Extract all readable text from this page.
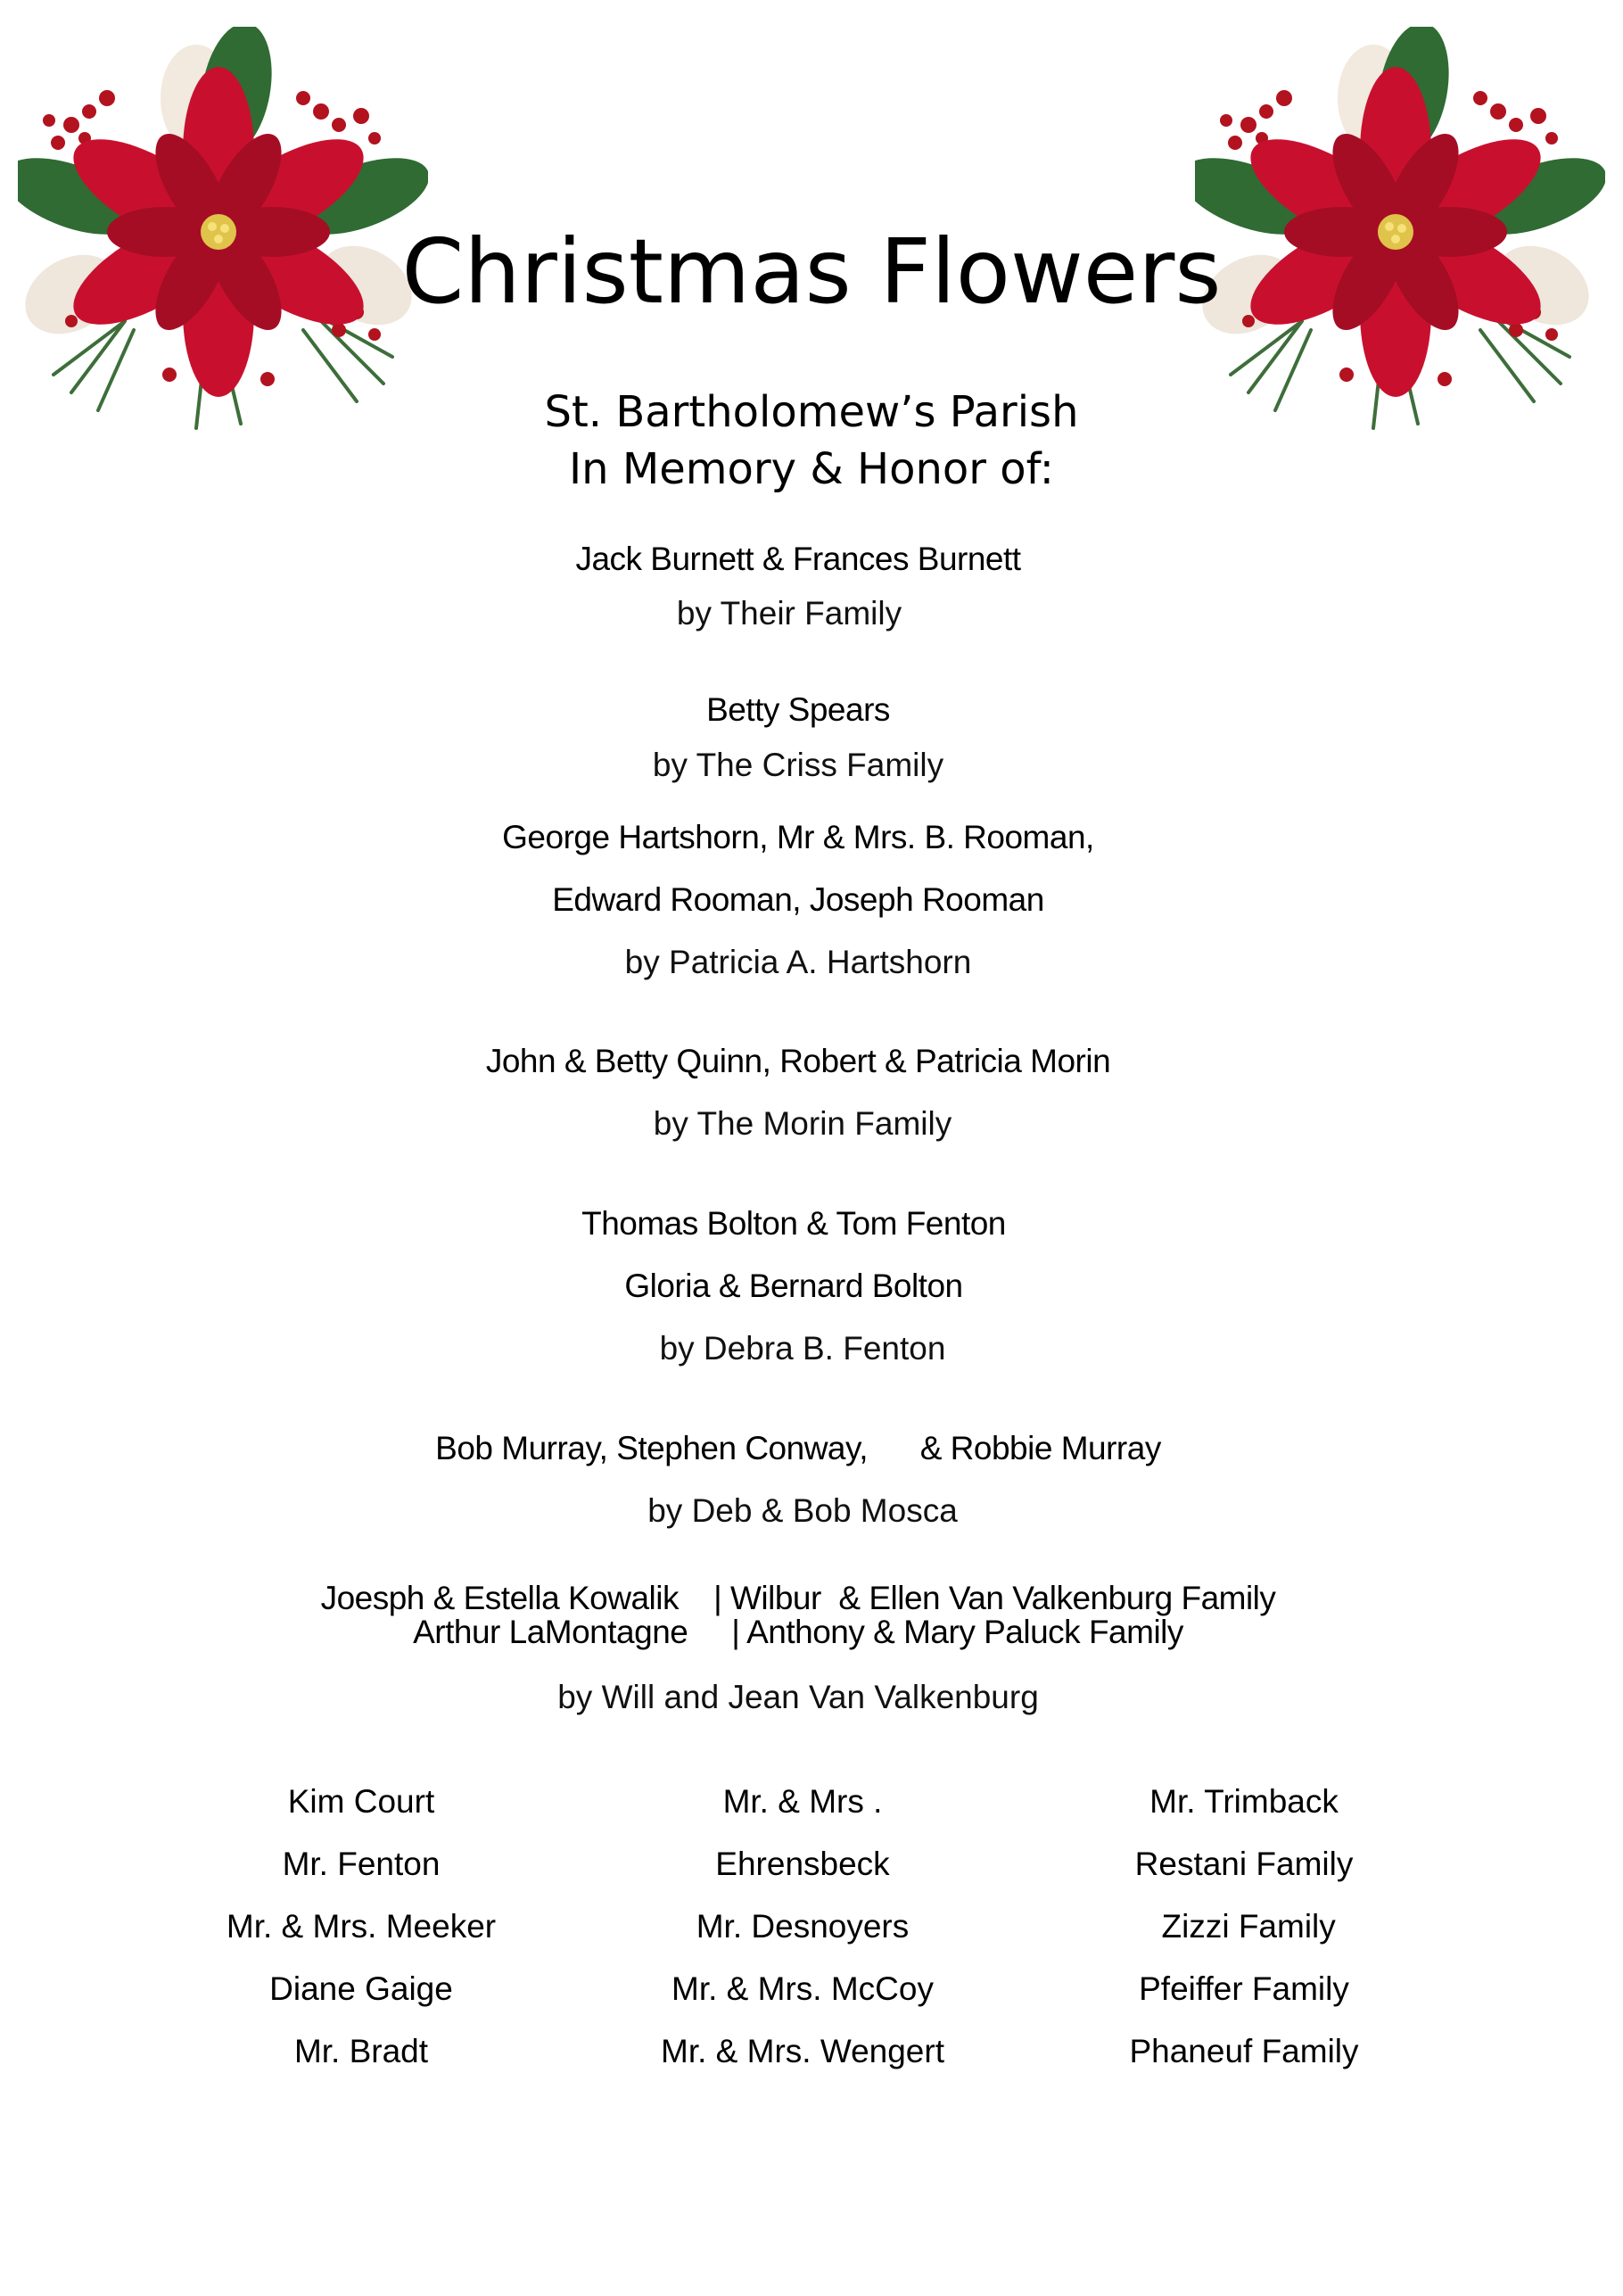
Christmas Flowers
St. Bartholomew’s Parish
In Memory & Honor of:
Jack Burnett & Frances Burnett
by Their Family
Betty Spears
by The Criss Family
George Hartshorn, Mr & Mrs. B. Rooman,
Edward Rooman, Joseph Rooman
by Patricia A. Hartshorn
John & Betty Quinn, Robert & Patricia Morin
by The Morin Family
Thomas Bolton & Tom Fenton
Gloria & Bernard Bolton
by Debra B. Fenton
Bob Murray, Stephen Conway,      & Robbie Murray
by Deb & Bob Mosca
Joesph & Estella Kowalik    | Wilbur  & Ellen Van Valkenburg Family
Arthur LaMontagne     | Anthony & Mary Paluck Family
by Will and Jean Van Valkenburg
Kim Court
Mr. Fenton
Mr. & Mrs. Meeker
Diane Gaige
Mr. Bradt
Mr. & Mrs .
Ehrensbeck
Mr. Desnoyers
Mr. & Mrs. McCoy
Mr. & Mrs. Wengert
Mr. Trimback
Restani Family
Zizzi Family
Pfeiffer Family
Phaneuf Family
